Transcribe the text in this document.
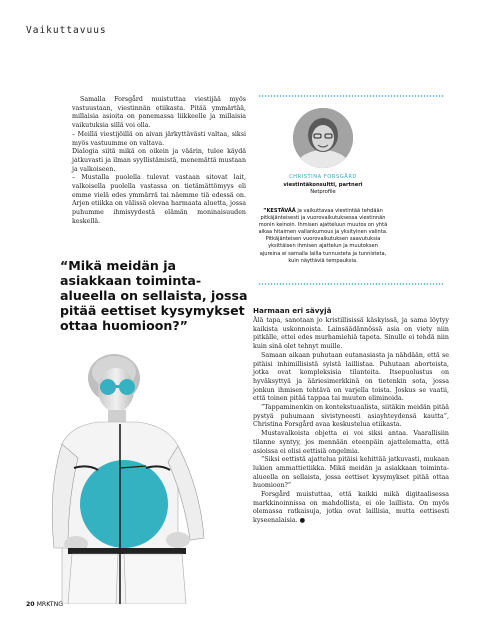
Vaikuttavuus

Samalla Forsgård muistuttaa viestijää myös vastuustaan, viestinnän etiikasta. Pitää ymmärtää, millaisia asioita on panemassa liikkeelle ja millaisia vaikutuksia sillä voi olla.

– Meillä viestijöillä on aivan järkyttävästi valtaa, siksi myös vastuumme on valtava.

Dialogia siitä mikä on oikein ja väärin, tulee käydä jatkuvasti ja ilman syyllistämistä, menemättä mustaan ja valkoiseen.

– Mustalla puolella tulevat vastaan sitovat lait, valkoisella puolella vastassa on tietämättömyys eli emme vielä edes ymmärrä tai näemme tiä edessä on. Arjen etiikka on välissä olevaa harmaata aluetta, jossa puhumme ihmisyydestä elämän moninaisuuden keskellä.

“Mikä meidän ja asiakkaan toiminta-alueella on sellaista, jossa pitää eettiset kysymykset ottaa huomioon?”
CHRISTINA FORSGÅRD
viestintäkonsultti, partneri
Netprofile
”KESTÄVÄÄ ja vaikuttavaa viestintää tehdään pitkäjänteisesti ja vuorovaikutuksessa viestinnän monin keinoin. Ihmisen ajatteluun muutos on yhtä aikaa hitaimen vallankumous ja yksityinen valinta. Pitkäjänteisen vuorovaikutuksen saavutuksia yksittäisen ihmisen ajattelun ja muutoksen ajureina ei samalla lailla tunnusteta ja tunnisteta, kuin näyttäviä tempauksia.
20 MRKTNG
Harmaan eri sävyjä

Älä tapa, sanotaan jo kristillisissä käskyissä, ja sama löytyy kaikista uskonnoista. Lainsäädännössä asia on viety niin pitkälle, ettei edes murhamiehiä tapeta. Sinulle ei tehdä niin kuin sinä olet tehnyt muille.

Samaan aikaan puhutaan eutanasiasta ja nähdään, että se pitäisi inhimillisistä syistä laillistaa. Puhutaan aborteista, jotka ovat kompleksisia tilanteita. Itsepuolustus on hyväksyttyä ja ääriesimerkkinä on tietenkin sota, jossa jonkun ihmisen tehtävä on varjella toista. Joskus se vaatii, että toinen pitää tappaa tai muuten eliminoida.

”Tappaminenkin on kontekstuaalista, siitäkin meidän pitää pystyä puhumaan sivistyneesti asiayhteydensä kautta”, Christina Forsgård avaa keskustelua etiikasta.

Mustavalkoista objetta ei voi siksi antaa. Vaarallisiin tilanne syntyy, jos mennään eteenpäin ajattelematta, että asioissa ei olisi eettisiä ongelmia.

”Siksi eettistä ajattelua pitäisi kehittää jatkuvasti, mukaan lukien ammattietiikka. Mikä meidän ja asiakkaan toiminta-alueella on sellaista, jossa eettiset kysymykset pitää ottaa huomioon?”

Forsgård muistuttaa, että kaikki mikä digitaalisessa markkinoinnissa on mahdollista, ei ole laillista. On myös olemassa ratkaisuja, jotka ovat laillisia, mutta eettisesti kyseenalaisia. ●
